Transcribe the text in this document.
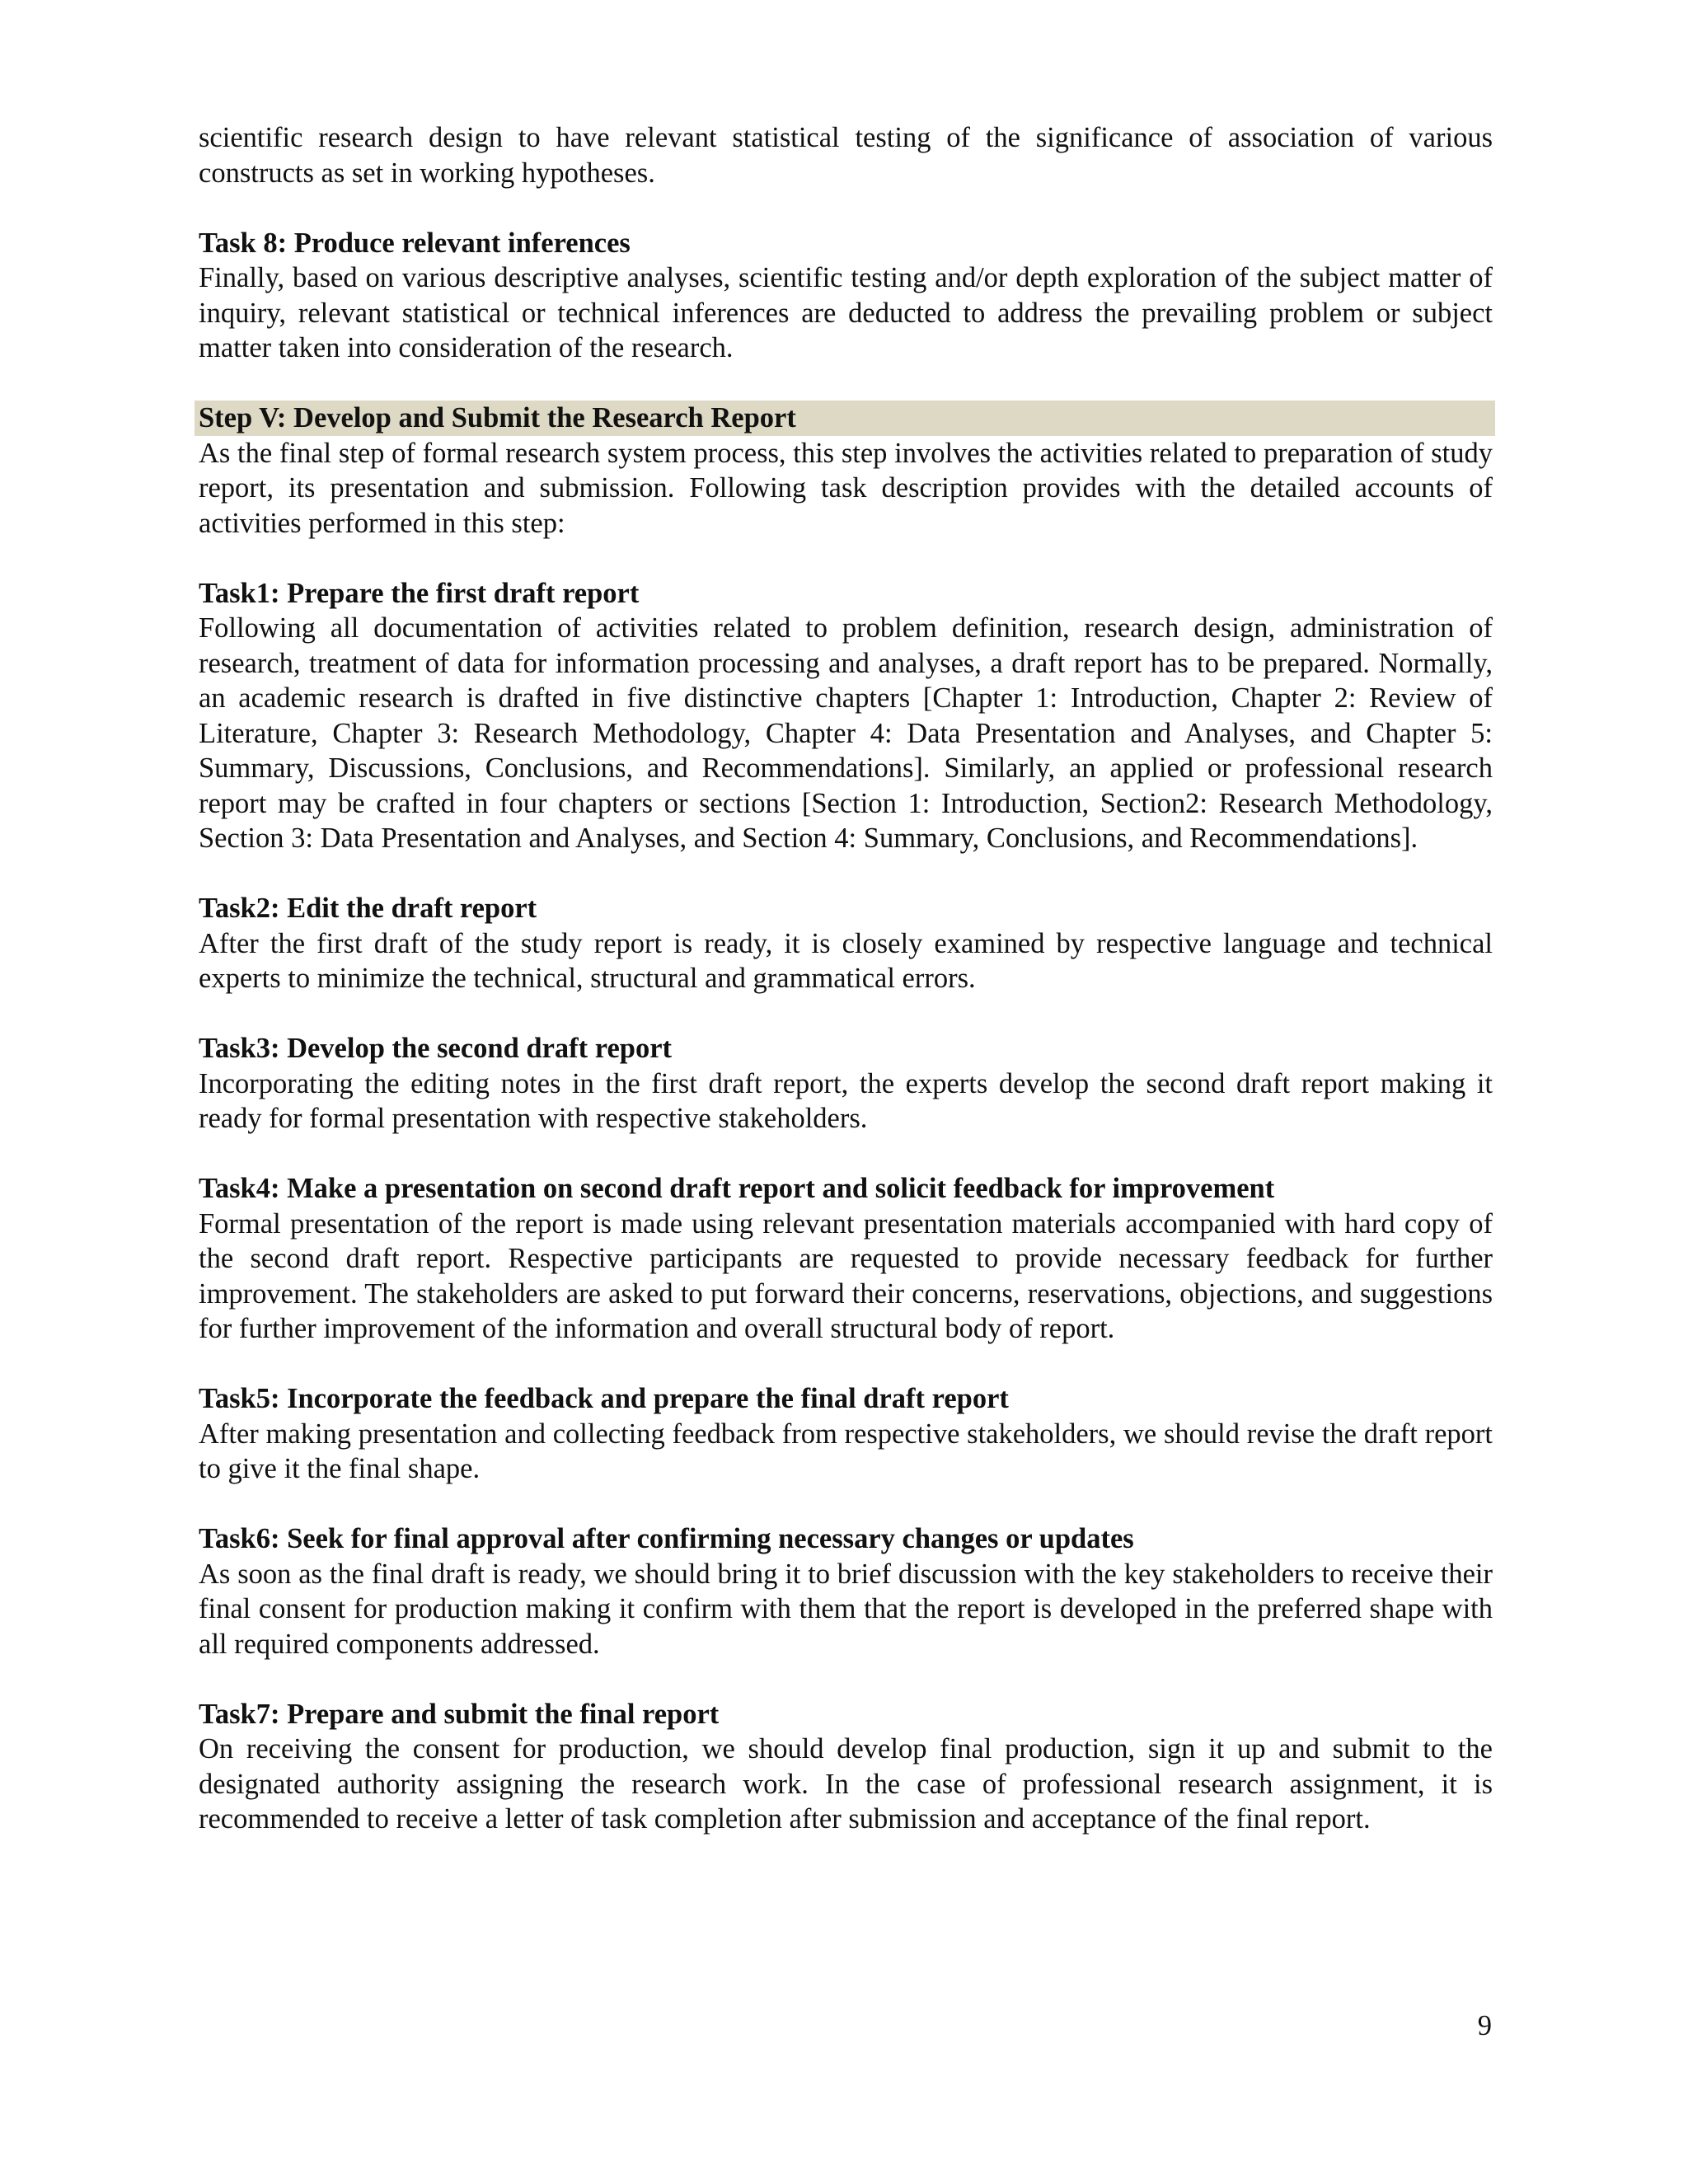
scientific research design to have relevant statistical testing of the significance of association of various constructs as set in working hypotheses.

Task 8: Produce relevant inferences

Finally, based on various descriptive analyses, scientific testing and/or depth exploration of the subject matter of inquiry, relevant statistical or technical inferences are deducted to address the prevailing problem or subject matter taken into consideration of the research.

Step V: Develop and Submit the Research Report

As the final step of formal research system process, this step involves the activities related to preparation of study report, its presentation and submission. Following task description provides with the detailed accounts of activities performed in this step:

Task1: Prepare the first draft report

Following all documentation of activities related to problem definition, research design, administration of research, treatment of data for information processing and analyses, a draft report has to be prepared. Normally, an academic research is drafted in five distinctive chapters [Chapter 1: Introduction, Chapter 2: Review of Literature, Chapter 3: Research Methodology, Chapter 4: Data Presentation and Analyses, and Chapter 5: Summary, Discussions, Conclusions, and Recommendations]. Similarly, an applied or professional research report may be crafted in four chapters or sections [Section 1: Introduction, Section2: Research Methodology, Section 3: Data Presentation and Analyses, and Section 4: Summary, Conclusions, and Recommendations].

Task2: Edit the draft report

After the first draft of the study report is ready, it is closely examined by respective language and technical experts to minimize the technical, structural and grammatical errors.

Task3: Develop the second draft report

Incorporating the editing notes in the first draft report, the experts develop the second draft report making it ready for formal presentation with respective stakeholders.

Task4: Make a presentation on second draft report and solicit feedback for improvement

Formal presentation of the report is made using relevant presentation materials accompanied with hard copy of the second draft report. Respective participants are requested to provide necessary feedback for further improvement. The stakeholders are asked to put forward their concerns, reservations, objections, and suggestions for further improvement of the information and overall structural body of report.

Task5: Incorporate the feedback and prepare the final draft report

After making presentation and collecting feedback from respective stakeholders, we should revise the draft report to give it the final shape.

Task6: Seek for final approval after confirming necessary changes or updates

As soon as the final draft is ready, we should bring it to brief discussion with the key stakeholders to receive their final consent for production making it confirm with them that the report is developed in the preferred shape with all required components addressed.

Task7: Prepare and submit the final report

On receiving the consent for production, we should develop final production, sign it up and submit to the designated authority assigning the research work. In the case of professional research assignment, it is recommended to receive a letter of task completion after submission and acceptance of the final report.

9
